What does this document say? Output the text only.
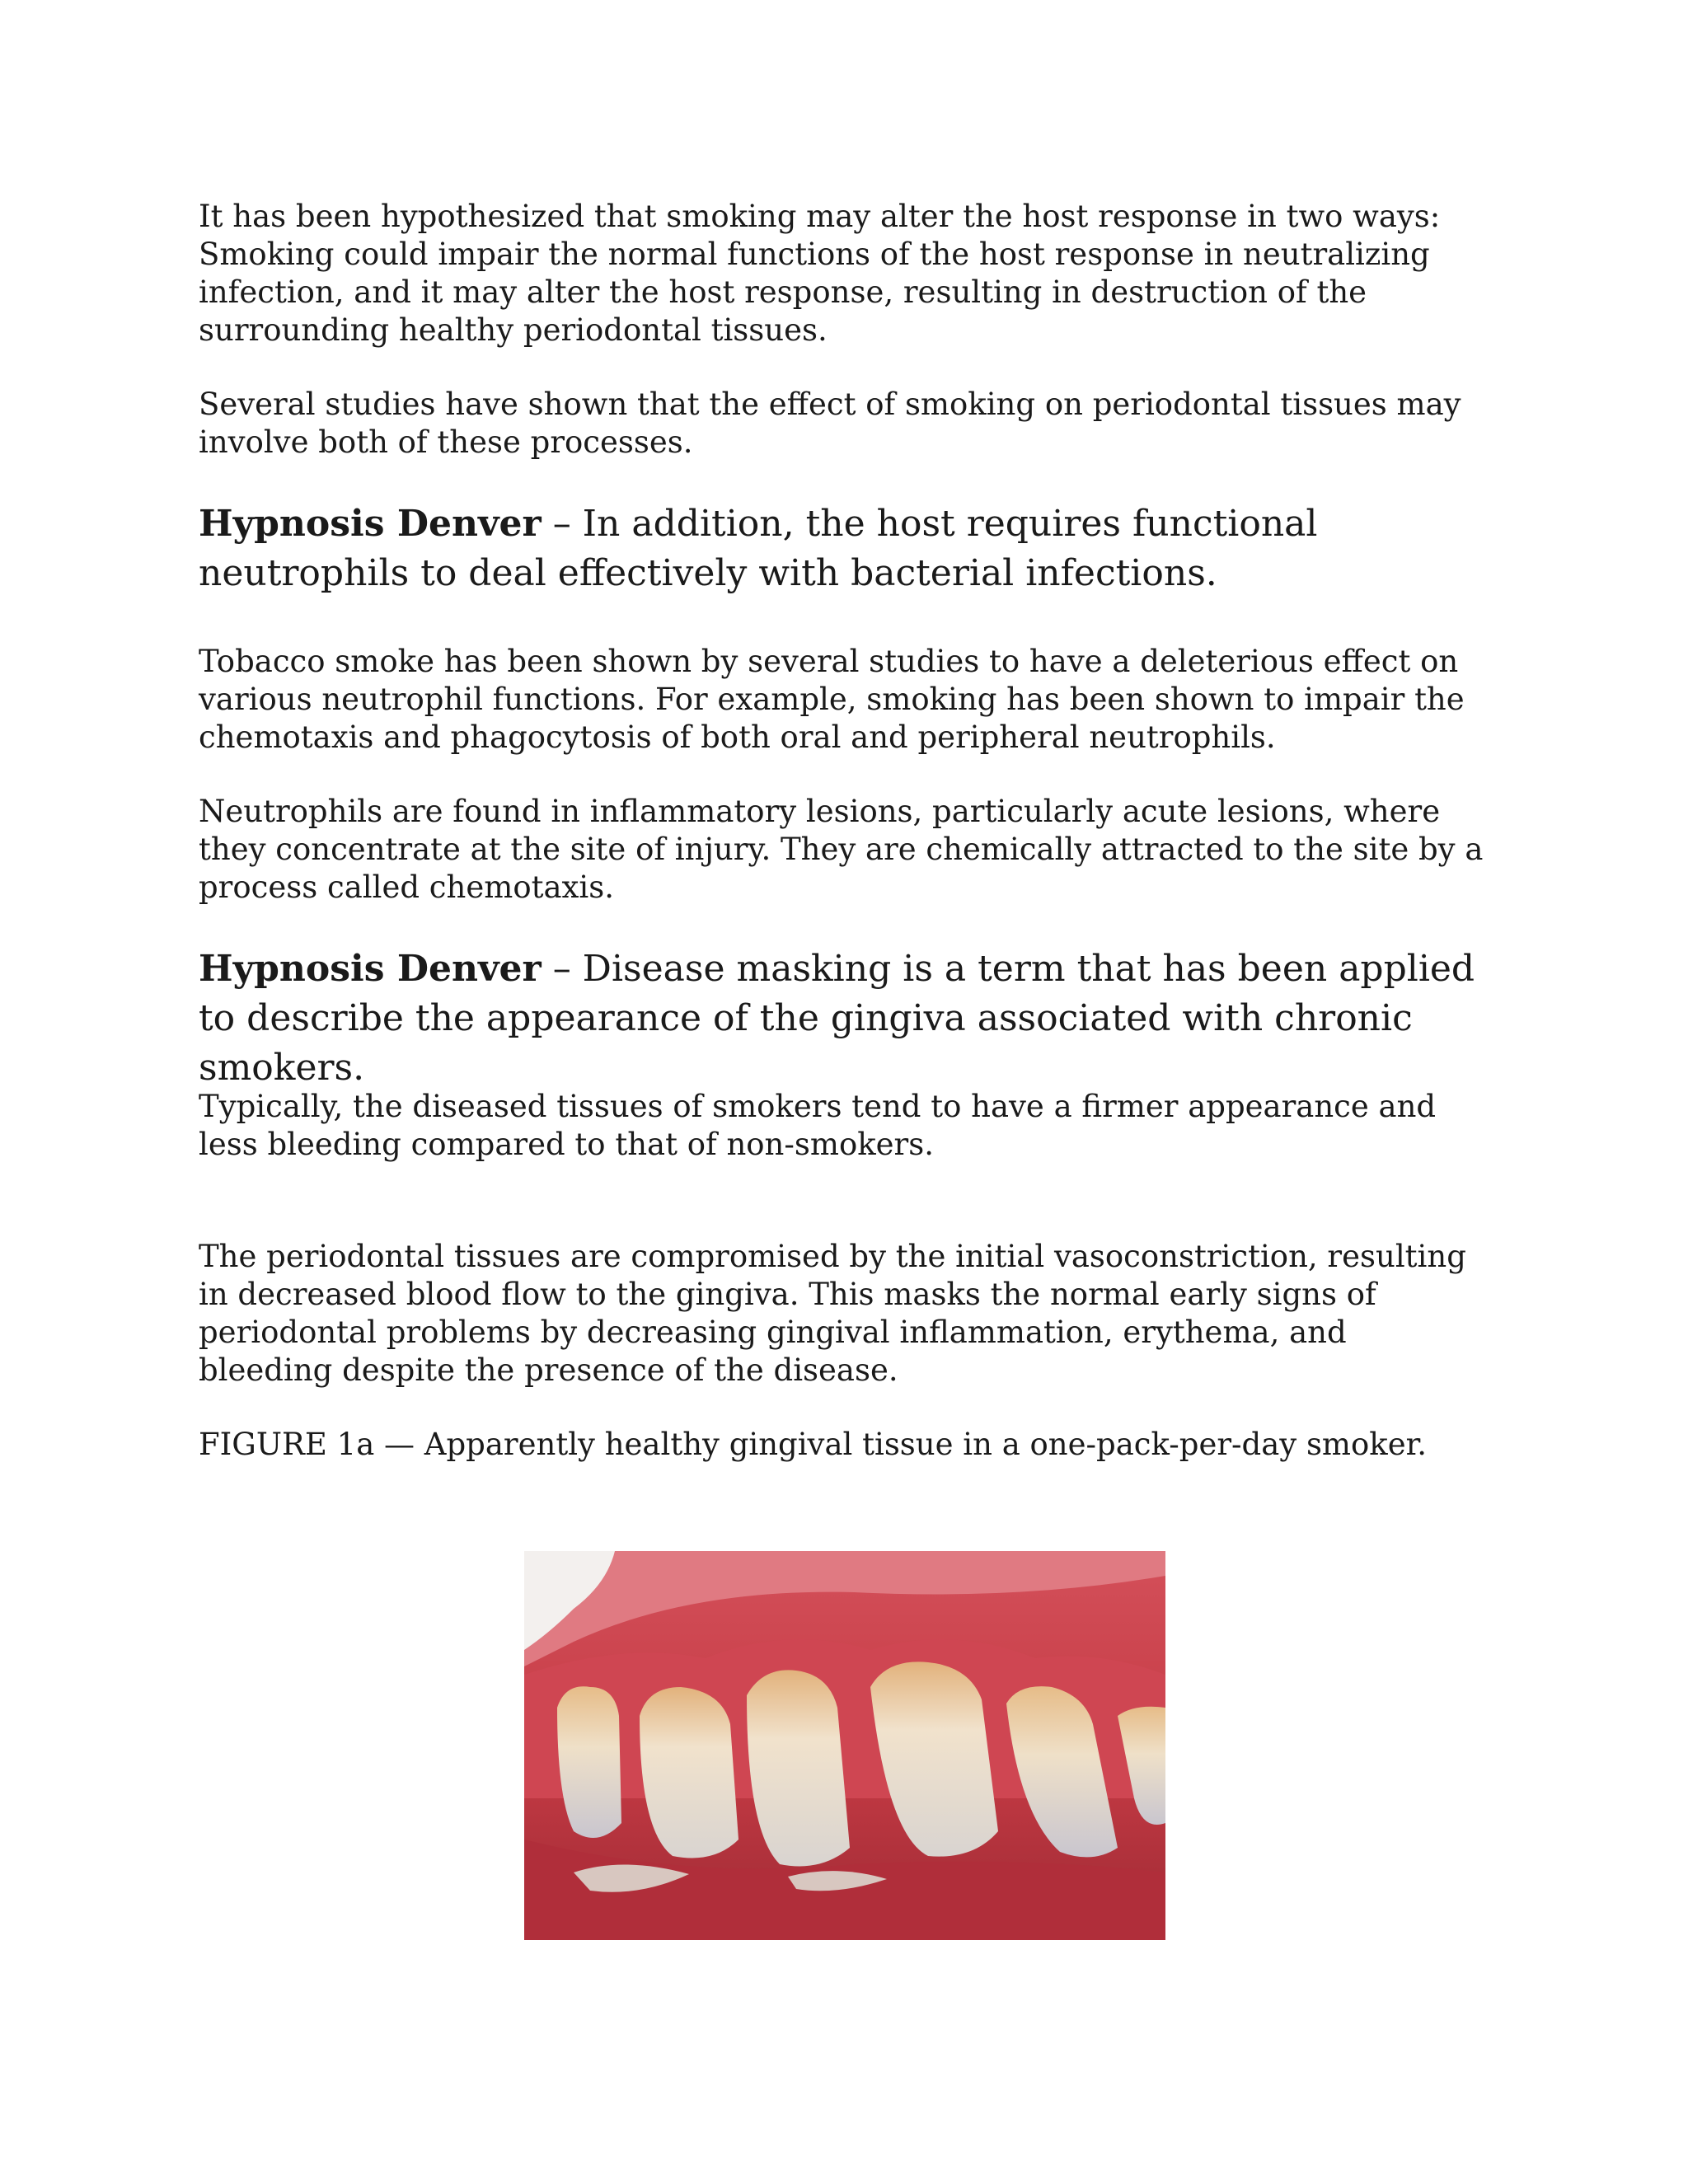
It has been hypothesized that smoking may alter the host response in two ways: Smoking could impair the normal functions of the host response in neutralizing infection, and it may alter the host response, resulting in destruction of the surrounding healthy periodontal tissues.

Several studies have shown that the effect of smoking on periodontal tissues may involve both of these processes.

Hypnosis Denver – In addition, the host requires functional neutrophils to deal effectively with bacterial infections.

Tobacco smoke has been shown by several studies to have a deleterious effect on various neutrophil functions. For example, smoking has been shown to impair the chemotaxis and phagocytosis of both oral and peripheral neutrophils.

Neutrophils are found in inflammatory lesions, particularly acute lesions, where they concentrate at the site of injury. They are chemically attracted to the site by a process called chemotaxis.

Hypnosis Denver – Disease masking is a term that has been applied to describe the appearance of the gingiva associated with chronic smokers.

Typically, the diseased tissues of smokers tend to have a firmer appearance and less bleeding compared to that of non-smokers.

The periodontal tissues are compromised by the initial vasoconstriction, resulting in decreased blood flow to the gingiva. This masks the normal early signs of periodontal problems by decreasing gingival inflammation, erythema, and bleeding despite the presence of the disease.

FIGURE 1a — Apparently healthy gingival tissue in a one-pack-per-day smoker.
